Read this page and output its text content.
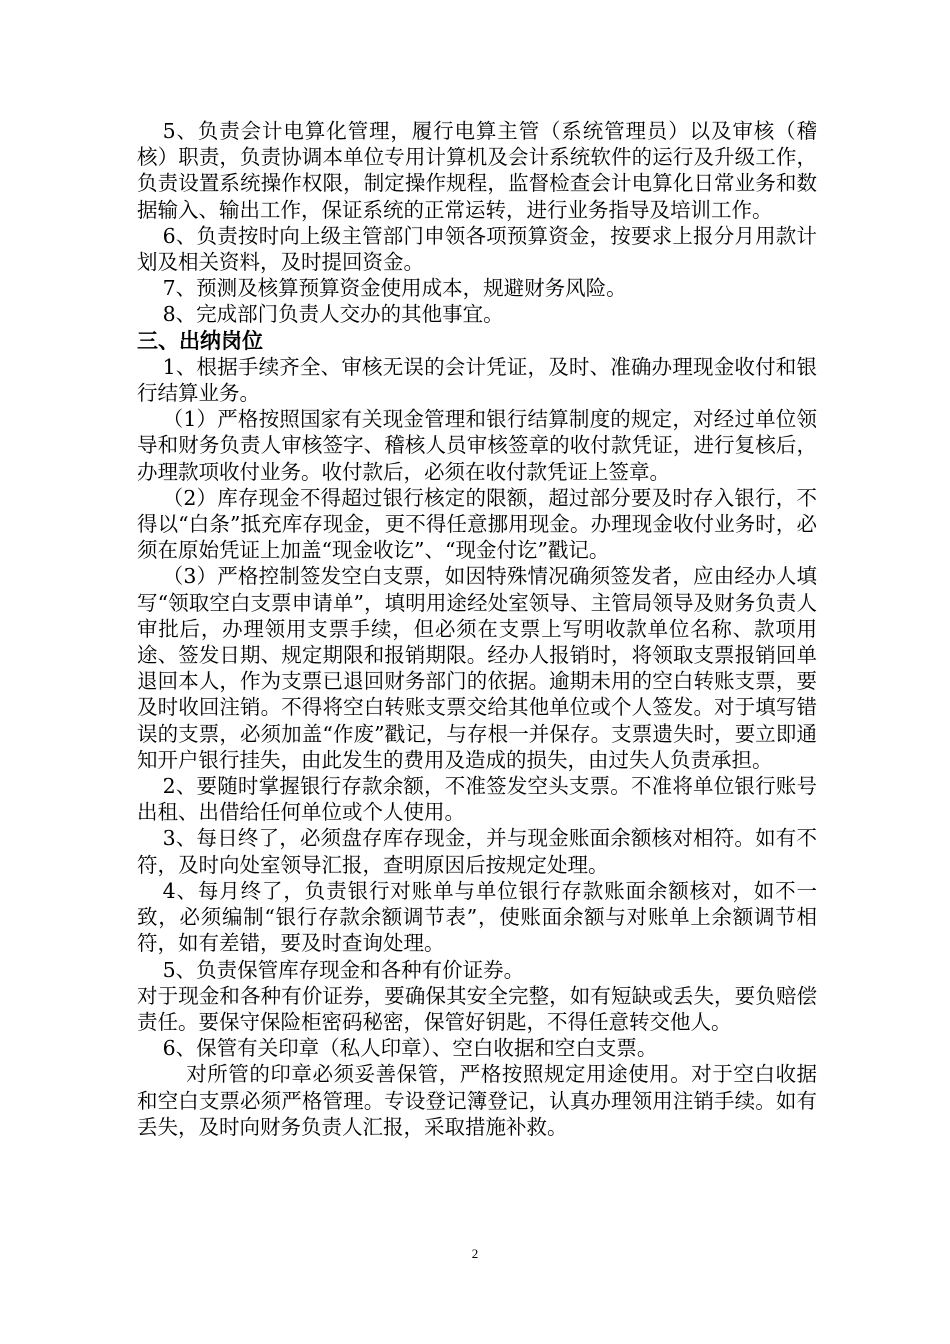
5、负责会计电算化管理，履行电算主管（系统管理员）以及审核（稽核）职责，负责协调本单位专用计算机及会计系统软件的运行及升级工作，负责设置系统操作权限，制定操作规程，监督检查会计电算化日常业务和数据输入、输出工作，保证系统的正常运转，进行业务指导及培训工作。

6、负责按时向上级主管部门申领各项预算资金，按要求上报分月用款计划及相关资料，及时提回资金。

7、预测及核算预算资金使用成本，规避财务风险。

8、完成部门负责人交办的其他事宜。

三、出纳岗位

1、根据手续齐全、审核无误的会计凭证，及时、准确办理现金收付和银行结算业务。

（1）严格按照国家有关现金管理和银行结算制度的规定，对经过单位领导和财务负责人审核签字、稽核人员审核签章的收付款凭证，进行复核后，办理款项收付业务。收付款后，必须在收付款凭证上签章。

（2）库存现金不得超过银行核定的限额，超过部分要及时存入银行，不得以“白条”抵充库存现金，更不得任意挪用现金。办理现金收付业务时，必须在原始凭证上加盖“现金收讫”、“现金付讫”戳记。

（3）严格控制签发空白支票，如因特殊情况确须签发者，应由经办人填写“领取空白支票申请单”，填明用途经处室领导、主管局领导及财务负责人审批后，办理领用支票手续，但必须在支票上写明收款单位名称、款项用途、签发日期、规定期限和报销期限。经办人报销时，将领取支票报销回单退回本人，作为支票已退回财务部门的依据。逾期未用的空白转账支票，要及时收回注销。不得将空白转账支票交给其他单位或个人签发。对于填写错误的支票，必须加盖“作废”戳记，与存根一并保存。支票遗失时，要立即通知开户银行挂失，由此发生的费用及造成的损失，由过失人负责承担。

2、要随时掌握银行存款余额，不准签发空头支票。不准将单位银行账号出租、出借给任何单位或个人使用。

3、每日终了，必须盘存库存现金，并与现金账面余额核对相符。如有不符，及时向处室领导汇报，查明原因后按规定处理。

4、每月终了，负责银行对账单与单位银行存款账面余额核对，如不一致，必须编制“银行存款余额调节表”，使账面余额与对账单上余额调节相符，如有差错，要及时查询处理。

5、负责保管库存现金和各种有价证券。

对于现金和各种有价证券，要确保其安全完整，如有短缺或丢失，要负赔偿责任。要保守保险柜密码秘密，保管好钥匙，不得任意转交他人。

6、保管有关印章（私人印章）、空白收据和空白支票。

对所管的印章必须妥善保管，严格按照规定用途使用。对于空白收据和空白支票必须严格管理。专设登记簿登记，认真办理领用注销手续。如有丢失，及时向财务负责人汇报，采取措施补救。

2
